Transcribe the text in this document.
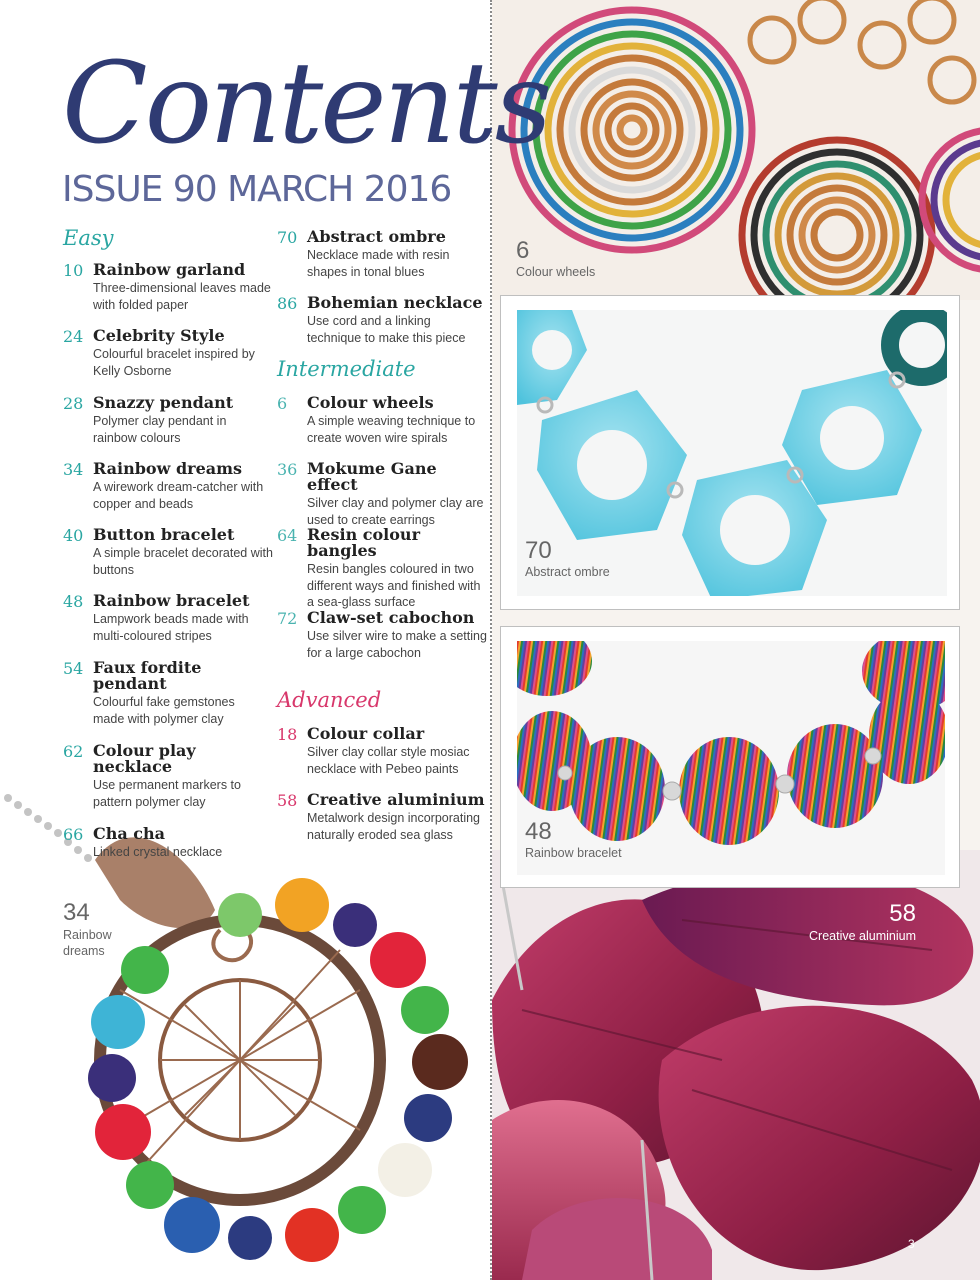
6
Colour wheels
70
Abstract ombre
48
Rainbow bracelet
58
Creative aluminium
34
Rainbow dreams
Contents
ISSUE 90 MARCH 2016
Easy
Intermediate
Advanced
10 Rainbow garland
Three-dimensional leaves made with folded paper
24 Celebrity Style
Colourful bracelet inspired by Kelly Osborne
28 Snazzy pendant
Polymer clay pendant in rainbow colours
34 Rainbow dreams
A wirework dream-catcher with copper and beads
40 Button bracelet
A simple bracelet decorated with buttons
48 Rainbow bracelet
Lampwork beads made with multi-coloured stripes
54 Faux fordite pendant
Colourful fake gemstones made with polymer clay
62 Colour play necklace
Use permanent markers to pattern polymer clay
66 Cha cha
Linked crystal necklace
70 Abstract ombre
Necklace made with resin shapes in tonal blues
86 Bohemian necklace
Use cord and a linking technique to make this piece
6	Colour wheels
A simple weaving technique to create woven wire spirals
36 Mokume Gane effect
Silver clay and polymer clay are used to create earrings
64 Resin colour bangles
Resin bangles coloured in two different ways and finished with a sea-glass surface
72 Claw-set cabochon
Use silver wire to make a setting for a large cabochon
18 Colour collar
Silver clay collar style mosiac necklace with Pebeo paints
58 Creative aluminium
Metalwork design incorporating naturally eroded sea glass
3
